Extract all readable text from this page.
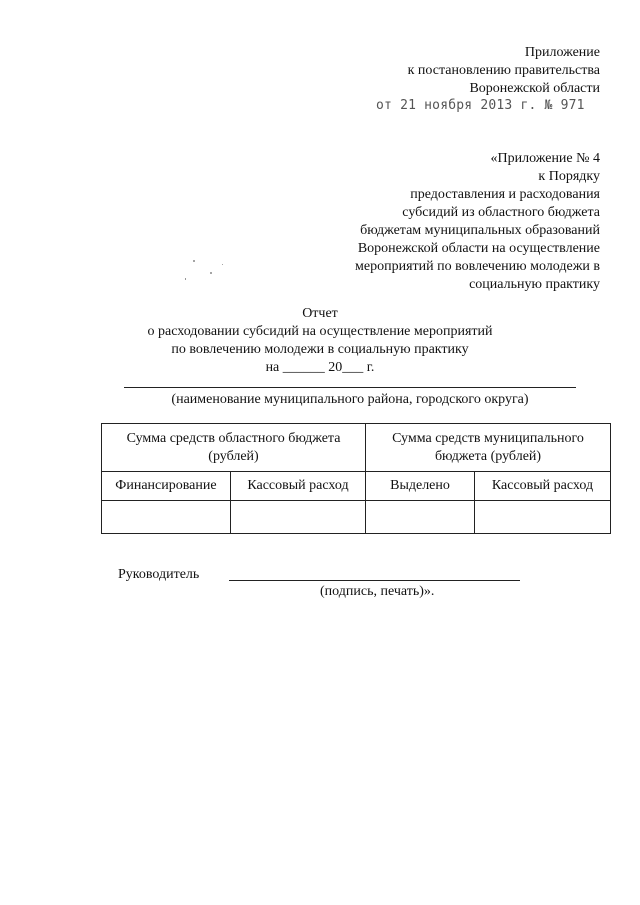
Приложение
к постановлению правительства
Воронежской области
от 21 ноября 2013 г. № 971
«Приложение № 4
к Порядку
предоставления и расходования
субсидий из областного бюджета
бюджетам муниципальных образований
Воронежской области на осуществление
мероприятий по вовлечению молодежи в
социальную практику
Отчет
о расходовании субсидий на осуществление мероприятий
по вовлечению молодежи в социальную практику
на ______ 20___ г.
(наименование муниципального района, городского округа)
Сумма средств областного бюджета (рублей)		Сумма средств муниципального бюджета (рублей)	
Финансирование	Кассовый расход	Выделено	Кассовый расход

Руководитель
(подпись, печать)».
